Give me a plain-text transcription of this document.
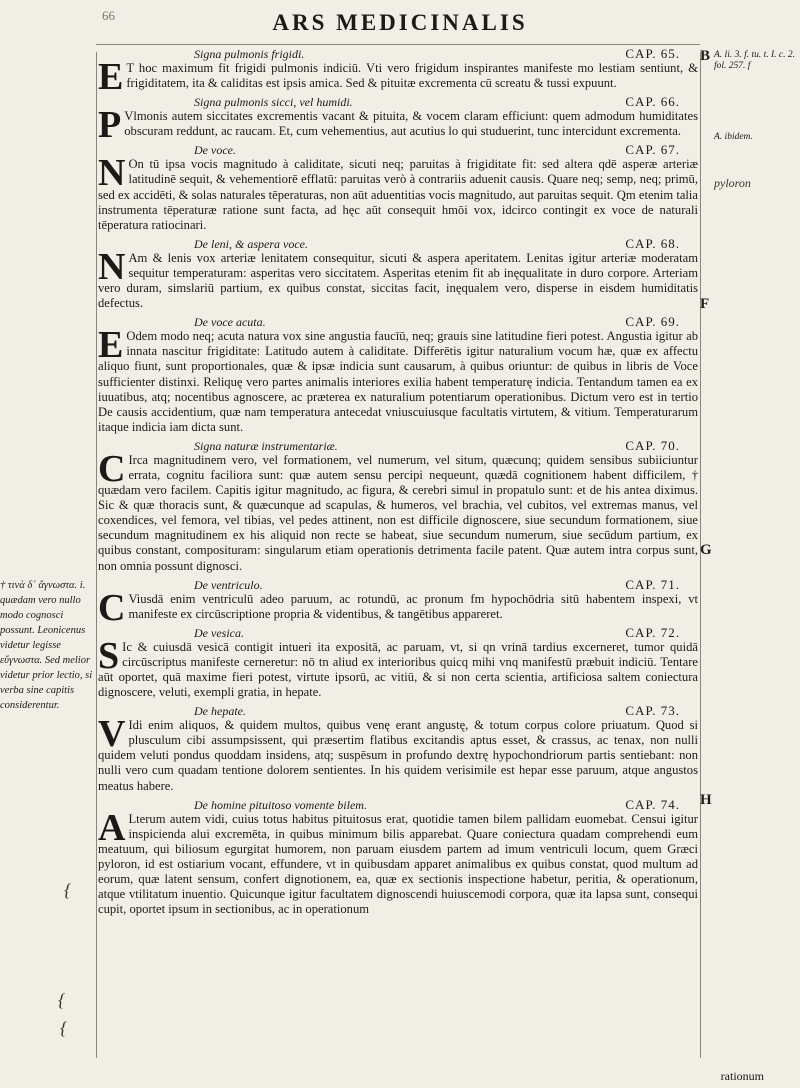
66	ARS MEDICINALIS
Signa pulmonis frigidi.	CAP. 65.

E T hoc maximum fit frigidi pulmonis indiciū. Vti vero frigidum inspirantes manifeste mo lestiam sentiunt, & frigiditatem, ita & caliditas est ipsis amica. Sed & pituitæ excrementa cū screatu & tussi expuunt.

Signa pulmonis sicci, vel humidi.	CAP. 66.

P Vlmonis autem siccitates excrementis vacant & pituita, & vocem claram efficiunt: quem admodum humiditates obscuram reddunt, ac raucam. Et, cum vehementius, aut acutius lo qui studuerint, tunc intercidunt excrementa.

De voce.	CAP. 67.

N On tū ipsa vocis magnitudo à caliditate, sicuti neq; paruitas à frigiditate fit: sed altera qdē asperæ arteriæ latitudinē sequit, & vehementiorē efflatū: paruitas verò à contrariis aduenit causis. Quare neq; semp, neq; primū, sed ex accidēti, & solas naturales tēperaturas, non aūt aduentitias vocis magnitudo, aut paruitas sequit. Qm etenim talia instrumenta tēperaturæ ratione sunt facta, ad hęc aūt consequit hmōi vox, idcirco contingit ex voce de naturali tēperatura ratiocinari.

De leni, & aspera voce.	CAP. 68.

N Am & lenis vox arteriæ lenitatem consequitur, sicuti & aspera aperitatem. Lenitas igitur arteriæ moderatam sequitur temperaturam: asperitas vero siccitatem. Asperitas etenim fit ab inęqualitate in duro corpore. Arteriam vero duram, simslariū partium, ex quibus constat, siccitas facit, inęqualem vero, disperse in eisdem humiditatis defectus.

De voce acuta.	CAP. 69.

E Odem modo neq; acuta natura vox sine angustia faucīū, neq; grauis sine latitudine fieri potest. Angustia igitur ab innata nascitur frigiditate: Latitudo autem à caliditate. Differētis igitur naturalium vocum hæ, quæ ex affectu aliquo fiunt, sunt proportionales, quæ & ipsæ indicia sunt causarum, à quibus oriuntur: de quibus in libris de Voce sufficienter distinxi. Reliquę vero partes animalis interiores exilia habent temperaturę indicia. Tentandum tamen ea ex iuuatibus, atq; nocentibus agnoscere, ac præterea ex naturalium potentiarum operationibus. Dictum vero est in tertio De causis accidentium, quæ nam temperatura antecedat vniuscuiusque facultatis virtutem, & vitium. Temperaturarum itaque indicia iam dicta sunt.

Signa naturæ instrumentariæ.	CAP. 70.

C Irca magnitudinem vero, vel formationem, vel numerum, vel situm, quæcunq; quidem sensibus subiiciuntur errata, cognitu faciliora sunt: quæ autem sensu percipi nequeunt, quædā cognitionem habent difficilem, † quædam vero facilem. Capitis igitur magnitudo, ac figura, & cerebri simul in propatulo sunt: et de his antea diximus. Sic & quæ thoracis sunt, & quæcunque ad scapulas, & humeros, vel brachia, vel cubitos, vel extremas manus, vel coxendices, vel femora, vel tibias, vel pedes attinent, non est difficile dignoscere, siue secundum formationem, siue secundum magnitudinem ex his aliquid non recte se habeat, siue secundum numerum, siue secūdum partium, ex quibus constant, composituram: singularum etiam operationis detrimenta facile patent. Quæ autem intra corpus sunt, non omnia possunt dignosci.

De ventriculo.	CAP. 71.

C Viusdā enim ventriculū adeo paruum, ac rotundū, ac pronum fm hypochōdria sitū habentem inspexi, vt manifeste ex circūscriptione propria & videntibus, & tangētibus appareret.

De vesica.	CAP. 72.

S Ic & cuiusdā vesicā contigit intueri ita expositā, ac paruam, vt, si qn vrinā tardius excerneret, tumor quidā circūscriptus manifeste cerneretur: nō tn aliud ex interioribus quicq mihi vnq manifestū præbuit indiciū. Tentare aūt oportet, quā maxime fieri potest, virtute ipsorū, ac vitiū, & si non certa scientia, artificiosa saltem coniectura dignoscere, veluti, exempli gratia, in hepate.

De hepate.	CAP. 73.

V Idi enim aliquos, & quidem multos, quibus venę erant angustę, & totum corpus colore priuatum. Quod si plusculum cibi assumpsissent, qui præsertim flatibus excitandis aptus esset, & crassus, ac tenax, non nulli quidem veluti pondus quoddam insidens, atq; suspēsum in profundo dextrę hypochondriorum partis sentiebant: non nulli vero cum quadam tentione dolorem sentientes. In his quidem verisimile est hepar esse paruum, atque angustos meatus habere.

De homine pituitoso vomente bilem.	CAP. 74.

A Lterum autem vidi, cuius totus habitus pituitosus erat, quotidie tamen bilem pallidam euomebat. Censui igitur inspicienda alui excremēta, in quibus minimum bilis apparebat. Quare coniectura quadam comprehendi eum meatuum, qui biliosum egurgitat humorem, non paruam eiusdem partem ad imum ventriculi locum, quem Græci pyloron, id est ostiarium vocant, effundere, vt in quibusdam apparet animalibus ex quibus constat, quod multum ad eorum, quæ latent sensum, confert dignotionem, ea, quæ ex sectionis inspectione habetur, peritia, & operationum, atque vtilitatum inuentio. Quicunque igitur facultatem dignoscendi huiuscemodi corpora, quæ ita lapsa sunt, consequi cupit, oportet ipsum in sectionibus, ac in operationum

B A. li. 3. f. tu. t. I. c. 2. fol. 257. f
A. ibidem.
pyloron
F
G
H
† τινὰ δ᾽ ἄγνωστα. i. quædam vero nullo modo cognosci possunt. Leonicenus videtur legisse εὔγνωστα. Sed melior videtur prior lectio, si verba sine capitis considerentur.
{
{
{
rationum
